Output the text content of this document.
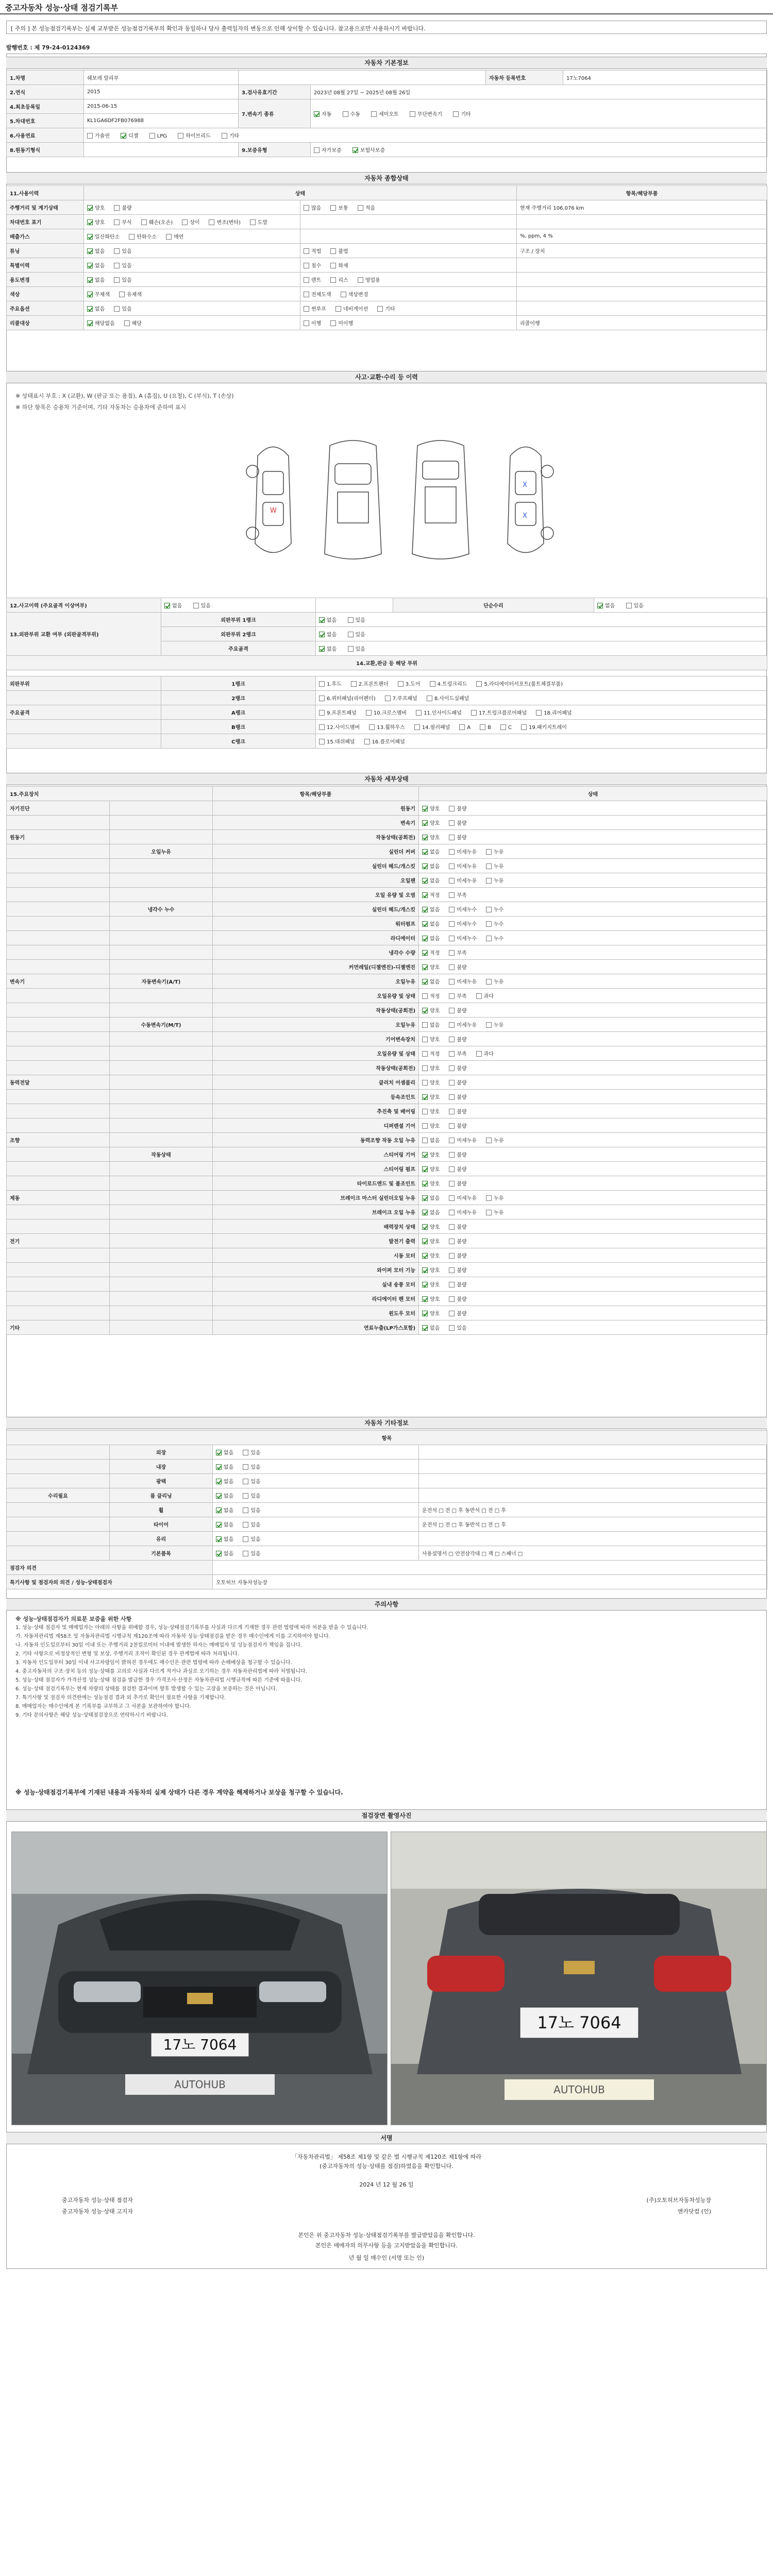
중고자동차 성능·상태 점검기록부
[ 주의 ] 본 성능점검기록부는 실제 교부받은 성능점검기록부의 확인과 동일하나 당사 출력일자의 변동으로 인해 상이할 수 있습니다. 참고용으로만 사용하시기 바랍니다.
발행번호 : 제 79-24-0124369
자동차 기본정보
1.차명	쉐보레 말리부			자동차 등록번호	17노7064
2.연식	2015	3.검사유효기간	2023년 08월 27일 ~ 2025년 08월 26일		
4.최초등록일	2015-06-15	7.변속기 종류	자동 수동 세미오토 무단변속기 기타		
5.차대번호	KL1GA6DF2FB076988				
6.사용연료	가솔린 디젤 LPG 하이브리드 기타				
8.원동기형식		9.보증유형	자가보증 보험사보증		
자동차 종합상태
11.사용이력	상태		항목/해당부품
주행거리 및 계기상태	양호 불량	많음 보통 적음	현재 주행거리 106,076 km
차대번호 표기	양호 부식 훼손(오손) 상이 변조(변타) 도말		
배출가스	일산화탄소 탄화수소 매연		%, ppm, 4 %
튜닝	없음 있음	적법 불법	구조 / 장치
특별이력	없음 있음	침수 화재	
용도변경	없음 있음	렌트 리스 영업용	
색상	무채색 유채색	전체도색 색상변경	
주요옵션	없음 있음	썬루프 네비게이션 기타	
리콜대상	해당없음 해당	이행 미이행	리콜이행
사고·교환·수리 등 이력
※ 상태표시 부호 : X (교환), W (판금 또는 용접), A (흠집), U (요철), C (부식), T (손상)
※ 하단 항목은 승용차 기준이며, 기타 자동차는 승용차에 준하여 표시
W
X
X
12.사고이력 (주요골격 이상여부)	없음 있음		단순수리	없음 있음
13.외판부위 교환 여부 (외판골격부위)	외판부위 1랭크	없음 있음		
	외판부위 2랭크	없음 있음		
	주요골격	없음 있음		
14.교환,판금 등 해당 부위				
외판부위	1랭크	1.후드 2.프론트펜더 3.도어 4.트렁크리드 5.라디에이터서포트(볼트체결부품)
	2랭크	6.쿼터패널(리어펜더) 7.루프패널 8.사이드실패널
주요골격	A랭크	9.프론트패널 10.크로스멤버 11.인사이드패널 17.트렁크플로어패널 18.리어패널
	B랭크	12.사이드멤버 13.휠하우스 14.필러패널 A B C 19.패키지트레이
	C랭크	15.대쉬패널 16.플로어패널
자동차 세부상태
15.주요장치		항목/해당부품	상태
자기진단		원동기	양호 불량
		변속기	양호 불량
원동기		작동상태(공회전)	양호 불량
	오일누유	실린더 커버	없음 미세누유 누유
		실린더 헤드/개스킷	없음 미세누유 누유
		오일팬	없음 미세누유 누유
		오일 유량 및 오염	적정 부족
	냉각수 누수	실린더 헤드/개스킷	없음 미세누수 누수
		워터펌프	없음 미세누수 누수
		라디에이터	없음 미세누수 누수
		냉각수 수량	적정 부족
		커먼레일(디젤엔진)-디젤엔진	양호 불량
변속기	자동변속기(A/T)	오일누유	없음 미세누유 누유
		오일유량 및 상태	적정 부족 과다
		작동상태(공회전)	양호 불량
	수동변속기(M/T)	오일누유	없음 미세누유 누유
		기어변속장치	양호 불량
		오일유량 및 상태	적정 부족 과다
		작동상태(공회전)	양호 불량
동력전달		클러치 어셈블리	양호 불량
		등속조인트	양호 불량
		추진축 및 베어링	양호 불량
		디퍼렌셜 기어	양호 불량
조향		동력조향 작동 오일 누유	없음 미세누유 누유
	작동상태	스티어링 기어	양호 불량
		스티어링 펌프	양호 불량
		타이로드엔드 및 볼조인트	양호 불량
제동		브레이크 마스터 실린더오일 누유	없음 미세누유 누유
		브레이크 오일 누유	없음 미세누유 누유
		배력장치 상태	양호 불량
전기		발전기 출력	양호 불량
		시동 모터	양호 불량
		와이퍼 모터 기능	양호 불량
		실내 송풍 모터	양호 불량
		라디에이터 팬 모터	양호 불량
		윈도우 모터	양호 불량
기타		연료누출(LP가스포함)	없음 있음
자동차 기타정보
항목			
	외장	없음 있음	
	내장	없음 있음	
	광택	없음 있음	
수리필요	룸 클리닝	없음 있음	
	휠	없음 있음	운전석 □ 전 □ 후 동반석 □ 전 □ 후
	타이어	없음 있음	운전석 □ 전 □ 후 동반석 □ 전 □ 후
	유리	없음 있음	
	기본품목	없음 있음	사용설명서 □ 안전삼각대 □ 잭 □ 스패너 □
점검자 의견			
특기사항 및 점검자의 의견 / 성능·상태점검자		오토허브 자동차성능장	
주의사항
※ 성능·상태점검자가 의료문 보증을 위한 사항
1. 성능·상태 점검자 및 매매업자는 아래의 사항을 위배할 경우, 성능·상태점검기록부를 사실과 다르게 기재한 경우 관련 법령에 따라 처분을 받을 수 있습니다.
가. 자동차관리법 제58조 및 자동차관리법 시행규칙 제120조에 따라 자동차 성능·상태점검을 받은 경우 매수인에게 이를 고지하여야 합니다.
나. 자동차 인도일로부터 30일 이내 또는 주행거리 2천킬로미터 이내에 발생한 하자는 매매업자 및 성능점검자가 책임을 집니다.
2. 기타 사항으로 비정상적인 변형 및 보상, 주행거리 조작이 확인된 경우 관계법에 따라 처리됩니다.
3. 자동차 인도일부터 30일 이내 사고차량임이 밝혀진 경우에도 매수인은 관련 법령에 따라 손해배상을 청구할 수 있습니다.
4. 중고자동차의 구조·장치 등의 성능·상태를 고의로 사실과 다르게 적거나 과실로 오기하는 경우 자동차관리법에 따라 처벌됩니다.
5. 성능·상태 점검자가 가격산정 성능·상태 점검을 발급한 경우 가격조사·산정은 자동차관리법 시행규칙에 따른 기준에 따릅니다.
6. 성능·상태 점검기록부는 현재 차량의 상태를 점검한 결과이며 향후 발생할 수 있는 고장을 보증하는 것은 아닙니다.
7. 특기사항 및 점검자 의견란에는 성능점검 결과 외 추가로 확인이 필요한 사항을 기재합니다.
8. 매매업자는 매수인에게 본 기록부를 교부하고 그 사본을 보관하여야 합니다.
9. 기타 문의사항은 해당 성능·상태점검장으로 연락하시기 바랍니다.
※ 성능·상태점검기록부에 기재된 내용과 자동차의 실제 상태가 다른 경우 계약을 해제하거나 보상을 청구할 수 있습니다.
점검장면 촬영사진
17노 7064
AUTOHUB
17노 7064
AUTOHUB
서명
「자동차관리법」 제58조 제1항 및 같은 법 시행규칙 제120조 제1항에 따라
(중고자동차의 성능·상태를 점검)하였음을 확인합니다.
2024 년 12 월 26 일
중고자동차 성능·상태 점검자	(주)오토허브자동차성능장
중고자동차 성능·상태 고지자	엔카닷컴 (인)
본인은 위 중고자동차 성능·상태점검기록부를 발급받았음을 확인합니다.
본인은 매매자의 의무사항 등을 고지받았음을 확인합니다.
년 월 일 매수인 (서명 또는 인)
